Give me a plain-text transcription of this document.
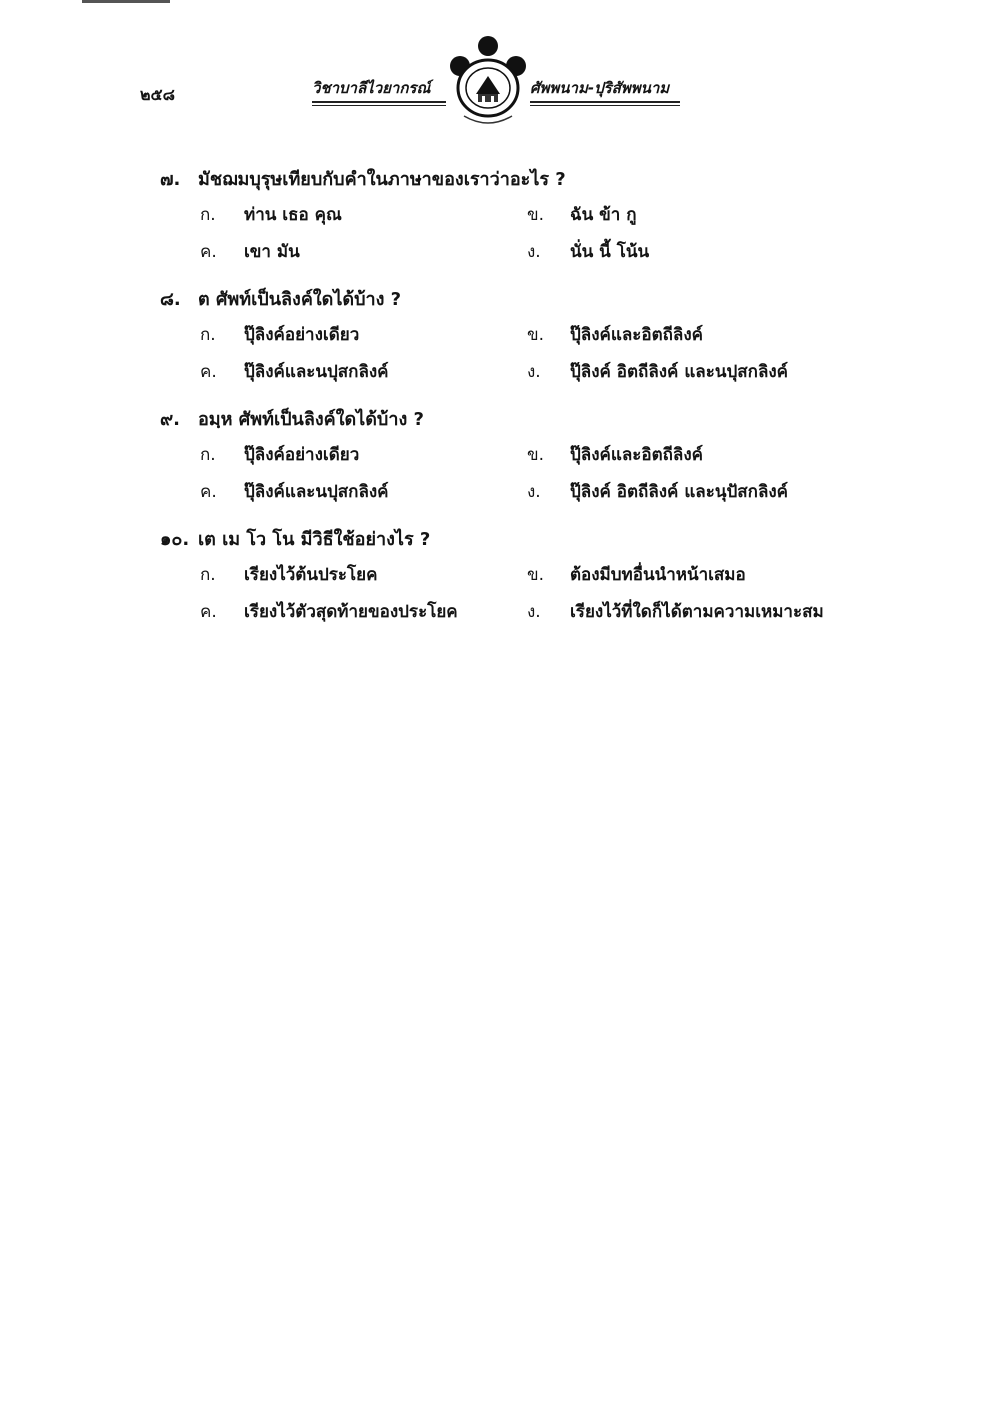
๒๕๘	วิชาบาลีไวยากรณ์	ศัพพนาม-ปุริสัพพนาม
๗. มัชฌมบุรุษเทียบกับคำในภาษาของเราว่าอะไร ?
ก. ท่าน เธอ คุณ	ข. ฉัน ข้า กู
ค. เขา มัน	ง. นั่น นี้ โน้น
๘. ต ศัพท์เป็นลิงค์ใดได้บ้าง ?
ก. ปุ๊ลิงค์อย่างเดียว	ข. ปุ๊ลิงค์และอิตถีลิงค์
ค. ปุ๊ลิงค์และนปุสกลิงค์	ง. ปุ๊ลิงค์ อิตถีลิงค์ และนปุสกลิงค์
๙. อมฺห ศัพท์เป็นลิงค์ใดได้บ้าง ?
ก. ปุ๊ลิงค์อย่างเดียว	ข. ปุ๊ลิงค์และอิตถีลิงค์
ค. ปุ๊ลิงค์และนปุสกลิงค์	ง. ปุ๊ลิงค์ อิตถีลิงค์ และนุปัสกลิงค์
๑๐. เต เม โว โน มีวิธีใช้อย่างไร ?
ก. เรียงไว้ต้นประโยค	ข. ต้องมีบทอื่นนำหน้าเสมอ
ค. เรียงไว้ตัวสุดท้ายของประโยค	ง. เรียงไว้ที่ใดก็ได้ตามความเหมาะสม
